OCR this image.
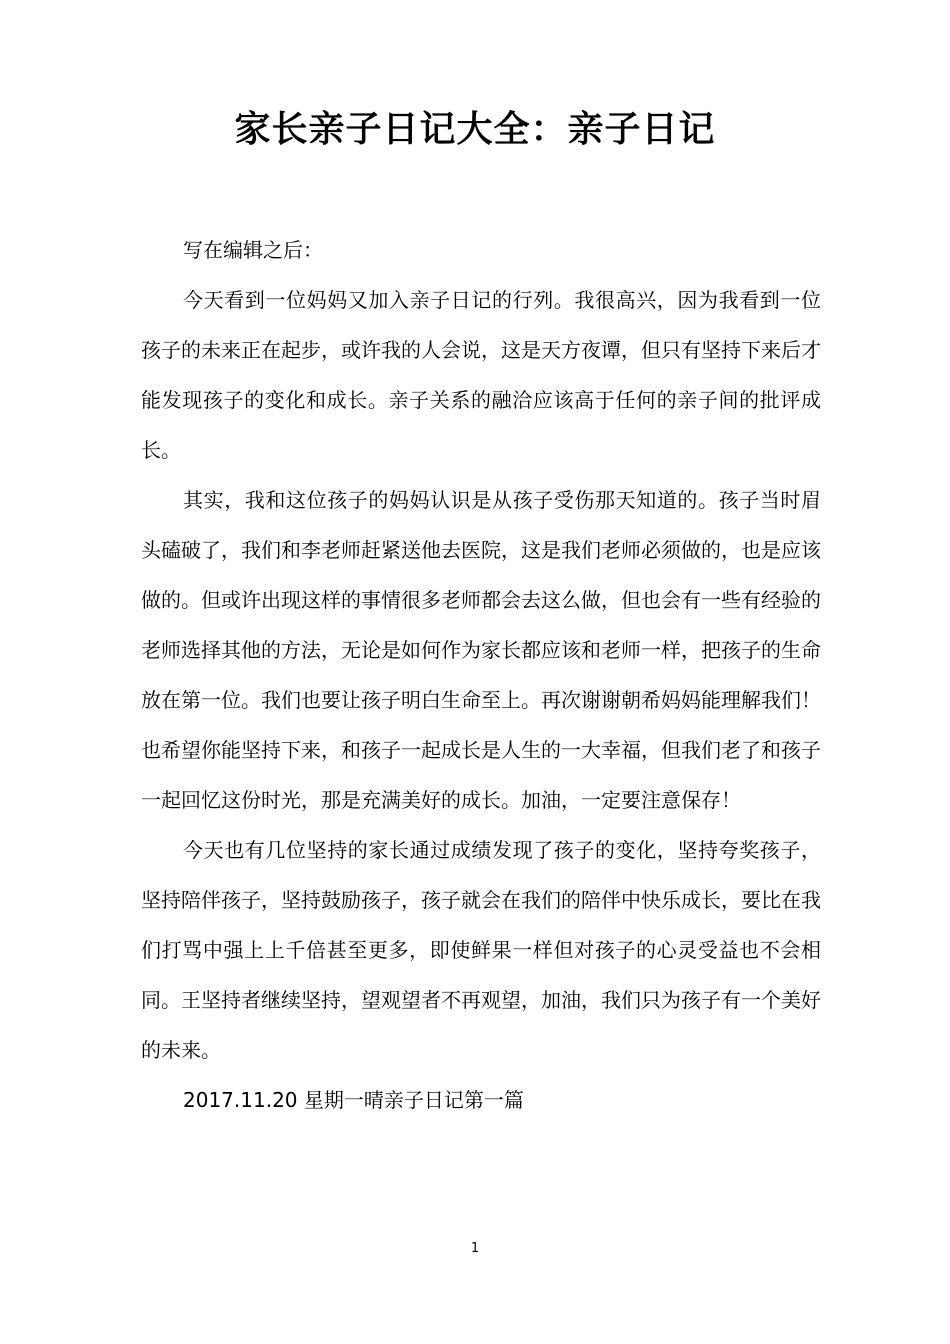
家长亲子日记大全：亲子日记

写在编辑之后：

今天看到一位妈妈又加入亲子日记的行列。我很高兴，因为我看到一位孩子的未来正在起步，或许我的人会说，这是天方夜谭，但只有坚持下来后才能发现孩子的变化和成长。亲子关系的融洽应该高于任何的亲子间的批评成长。

其实，我和这位孩子的妈妈认识是从孩子受伤那天知道的。孩子当时眉头磕破了，我们和李老师赶紧送他去医院，这是我们老师必须做的，也是应该做的。但或许出现这样的事情很多老师都会去这么做，但也会有一些有经验的老师选择其他的方法，无论是如何作为家长都应该和老师一样，把孩子的生命放在第一位。我们也要让孩子明白生命至上。再次谢谢朝希妈妈能理解我们！也希望你能坚持下来，和孩子一起成长是人生的一大幸福，但我们老了和孩子一起回忆这份时光，那是充满美好的成长。加油，一定要注意保存！

今天也有几位坚持的家长通过成绩发现了孩子的变化，坚持夸奖孩子，坚持陪伴孩子，坚持鼓励孩子，孩子就会在我们的陪伴中快乐成长，要比在我们打骂中强上上千倍甚至更多，即使鲜果一样但对孩子的心灵受益也不会相同。王坚持者继续坚持，望观望者不再观望，加油，我们只为孩子有一个美好的未来。

2017.11.20 星期一晴亲子日记第一篇

1
